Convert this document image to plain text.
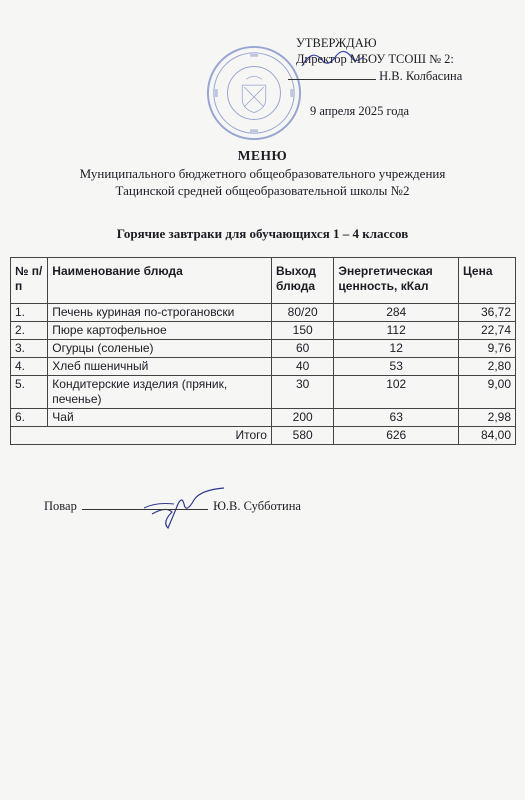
УТВЕРЖДАЮ
Директор МБОУ ТСОШ № 2:
Н.В. Колбасина
9 апреля 2025 года
МЕНЮ
Муниципального бюджетного общеобразовательного учреждения
Тацинской средней общеобразовательной школы №2
Горячие завтраки для обучающихся 1 – 4 классов
№ п/п	Наименование блюда	Выход блюда	Энергетическая ценность, кКал	Цена
1.	Печень куриная по-строгановски	80/20	284	36,72
2.	Пюре картофельное	150	112	22,74
3.	Огурцы (соленые)	60	12	9,76
4.	Хлеб пшеничный	40	53	2,80
5.	Кондитерские изделия (пряник, печенье)	30	102	9,00
6.	Чай	200	63	2,98
Итого		580	626	84,00
Повар	Ю.В. Субботина
